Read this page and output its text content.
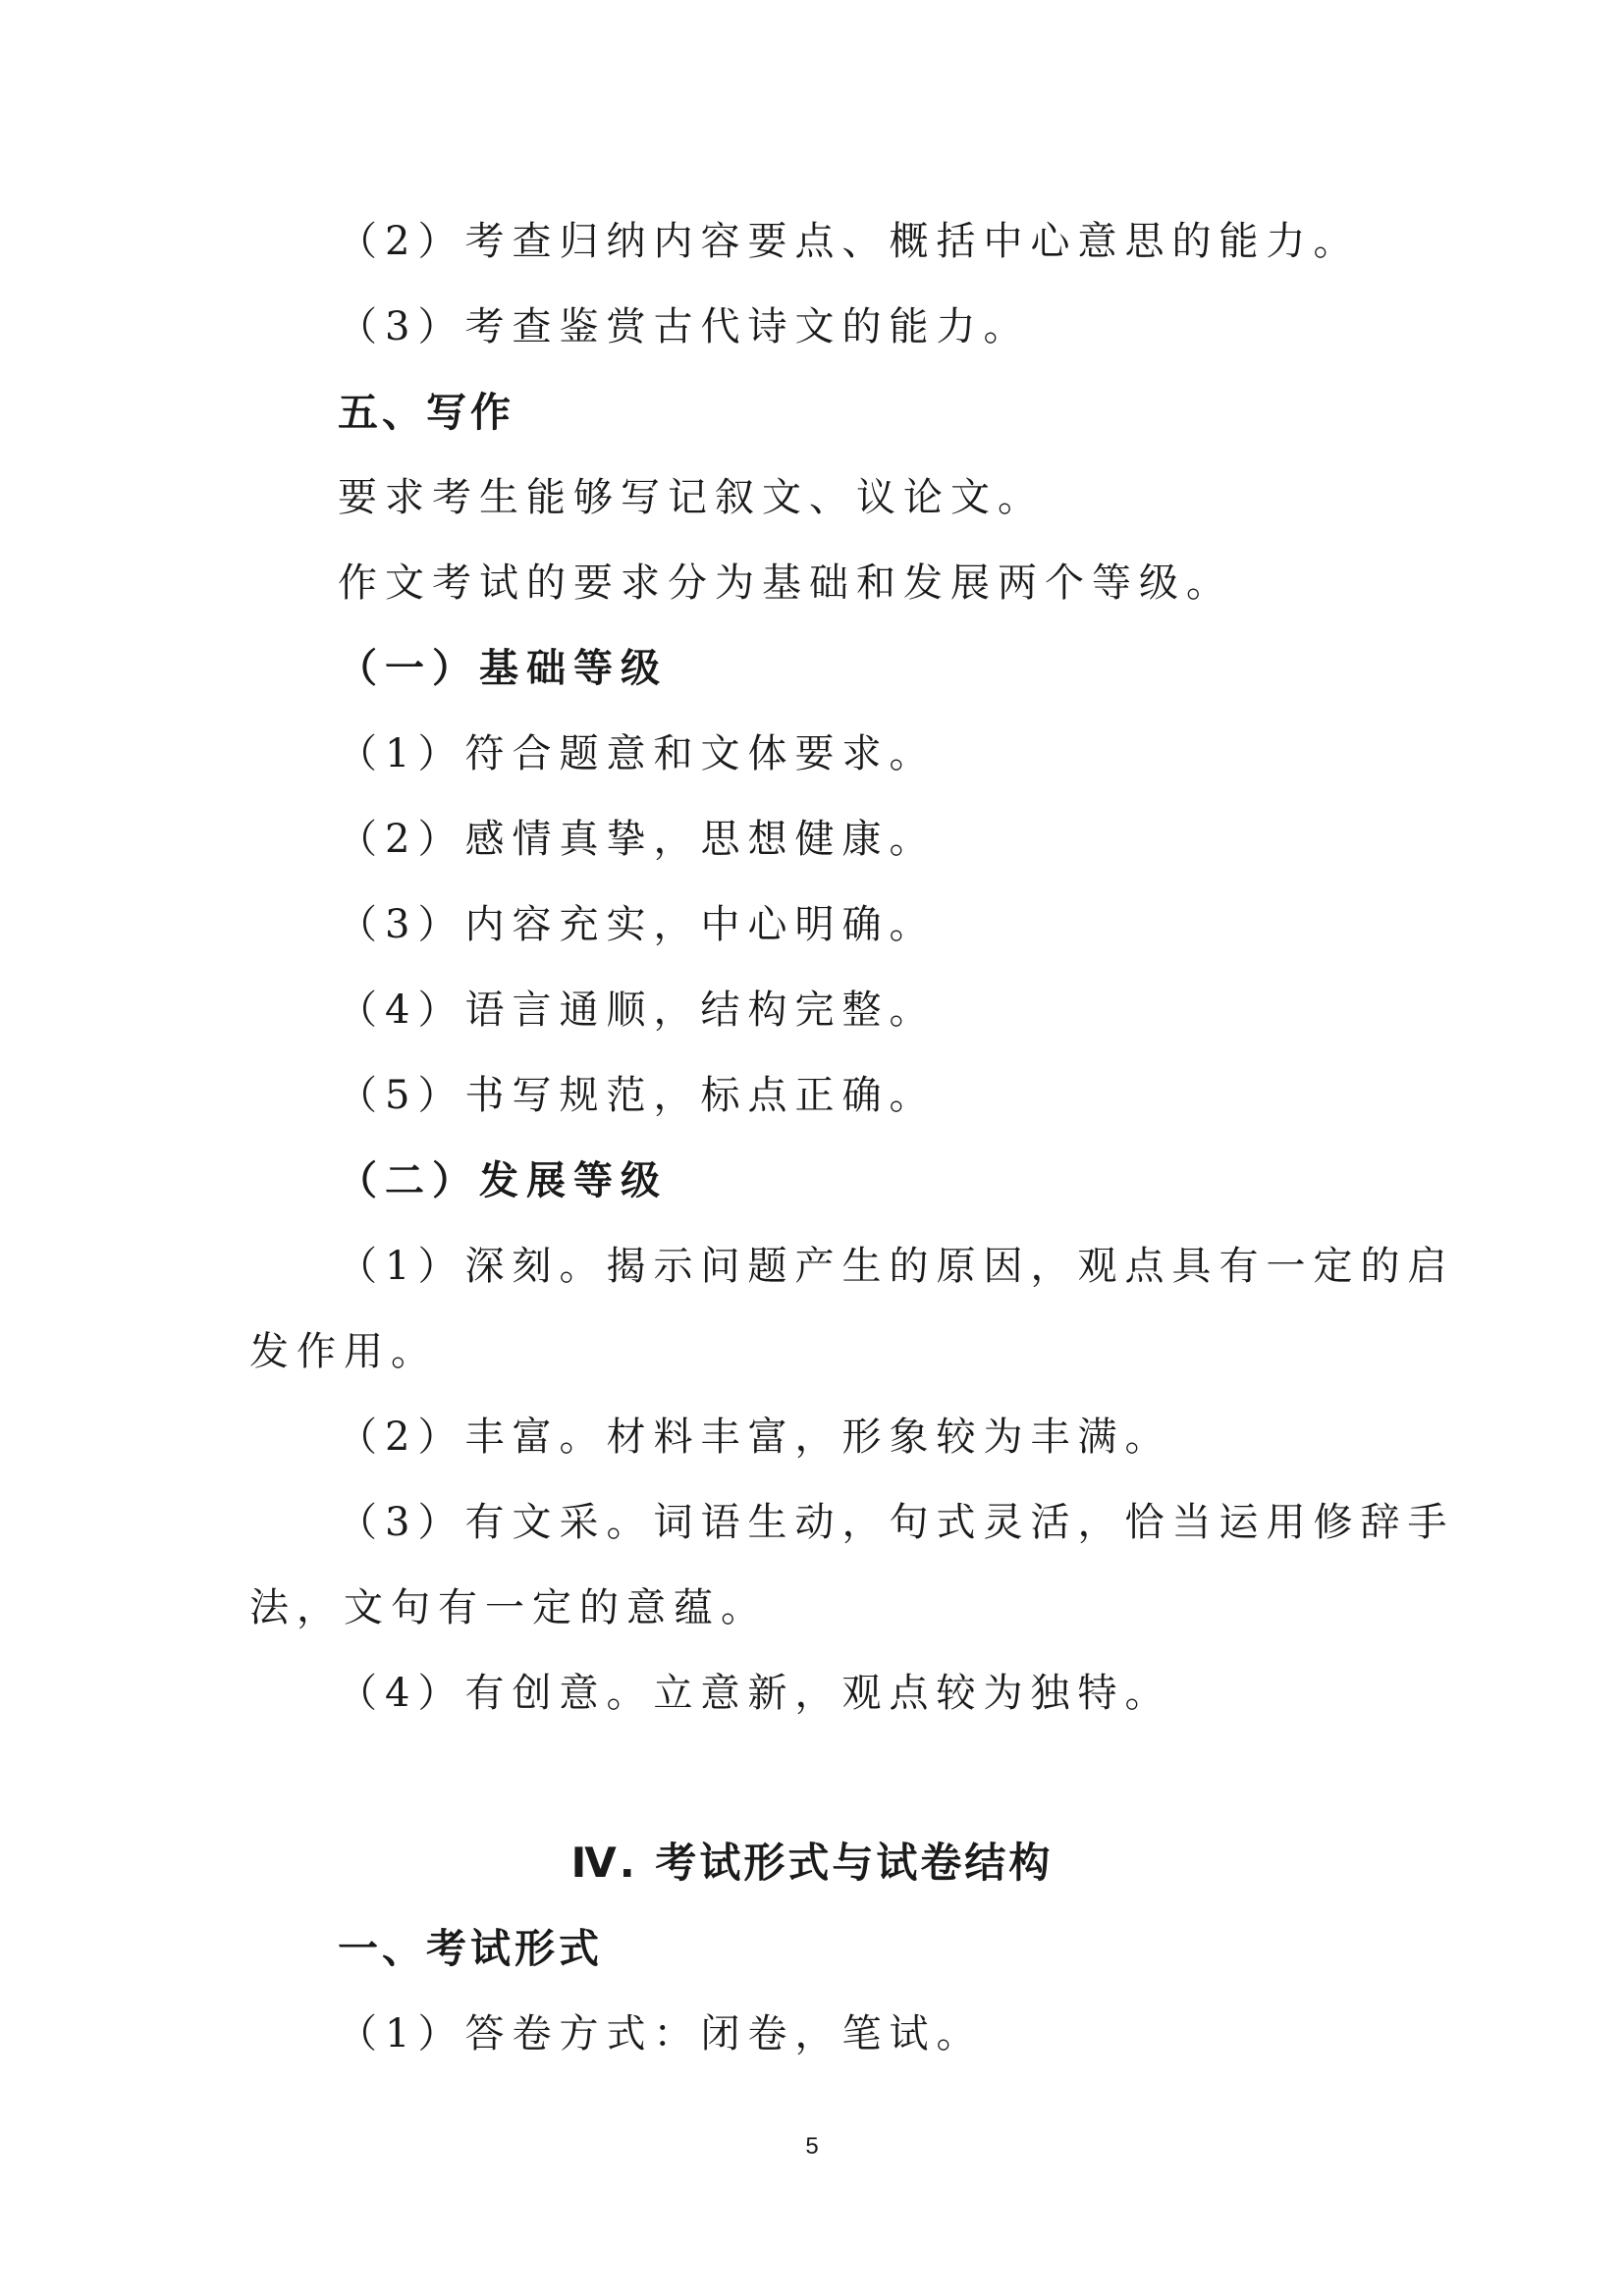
（2）考查归纳内容要点、概括中心意思的能力。
（3）考查鉴赏古代诗文的能力。
五、写作
要求考生能够写记叙文、议论文。
作文考试的要求分为基础和发展两个等级。
（一）基础等级
（1）符合题意和文体要求。
（2）感情真挚，思想健康。
（3）内容充实，中心明确。
（4）语言通顺，结构完整。
（5）书写规范，标点正确。
（二）发展等级
（1）深刻。揭示问题产生的原因，观点具有一定的启
发作用。
（2）丰富。材料丰富，形象较为丰满。
（3）有文采。词语生动，句式灵活，恰当运用修辞手
法，文句有一定的意蕴。
（4）有创意。立意新，观点较为独特。
Ⅳ. 考试形式与试卷结构
一、考试形式
（1）答卷方式：闭卷，笔试。
5
